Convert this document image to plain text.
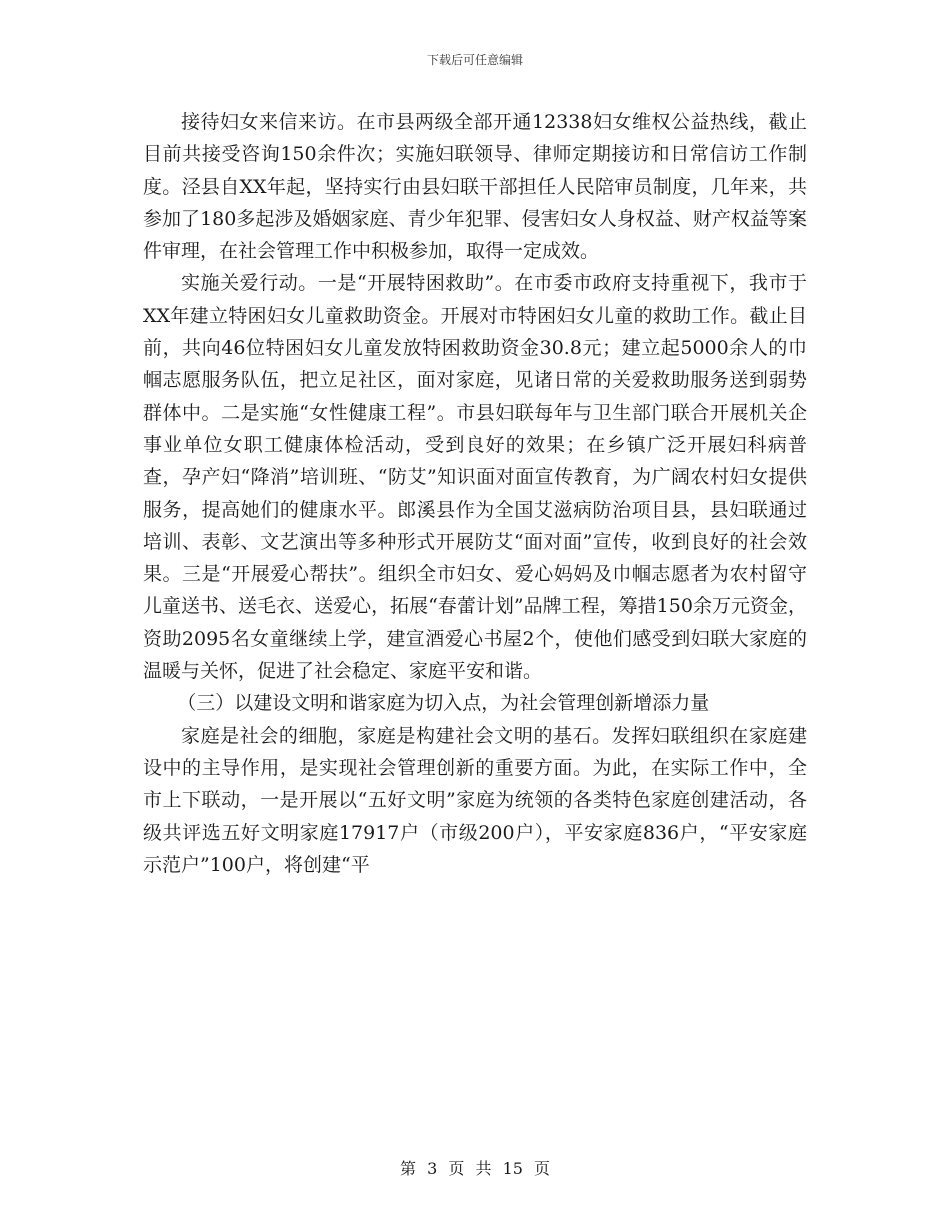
下载后可任意编辑

接待妇女来信来访。在市县两级全部开通12338妇女维权公益热线，截止目前共接受咨询150余件次；实施妇联领导、律师定期接访和日常信访工作制度。泾县自XX年起，坚持实行由县妇联干部担任人民陪审员制度，几年来，共参加了180多起涉及婚姻家庭、青少年犯罪、侵害妇女人身权益、财产权益等案件审理，在社会管理工作中积极参加，取得一定成效。

实施关爱行动。一是“开展特困救助”。在市委市政府支持重视下，我市于XX年建立特困妇女儿童救助资金。开展对市特困妇女儿童的救助工作。截止目前，共向46位特困妇女儿童发放特困救助资金30.8元；建立起5000余人的巾帼志愿服务队伍，把立足社区，面对家庭，见诸日常的关爱救助服务送到弱势群体中。二是实施“女性健康工程”。市县妇联每年与卫生部门联合开展机关企事业单位女职工健康体检活动，受到良好的效果；在乡镇广泛开展妇科病普查，孕产妇“降消”培训班、“防艾”知识面对面宣传教育，为广阔农村妇女提供服务，提高她们的健康水平。郎溪县作为全国艾滋病防治项目县，县妇联通过培训、表彰、文艺演出等多种形式开展防艾“面对面”宣传，收到良好的社会效果。三是“开展爱心帮扶”。组织全市妇女、爱心妈妈及巾帼志愿者为农村留守儿童送书、送毛衣、送爱心，拓展“春蕾计划”品牌工程，筹措150余万元资金，资助2095名女童继续上学，建宣酒爱心书屋2个，使他们感受到妇联大家庭的温暖与关怀，促进了社会稳定、家庭平安和谐。

（三）以建设文明和谐家庭为切入点，为社会管理创新增添力量

家庭是社会的细胞，家庭是构建社会文明的基石。发挥妇联组织在家庭建设中的主导作用，是实现社会管理创新的重要方面。为此，在实际工作中，全市上下联动，一是开展以“五好文明”家庭为统领的各类特色家庭创建活动，各级共评选五好文明家庭17917户（市级200户），平安家庭836户，“平安家庭示范户”100户，将创建“平

第 3 页 共 15 页
